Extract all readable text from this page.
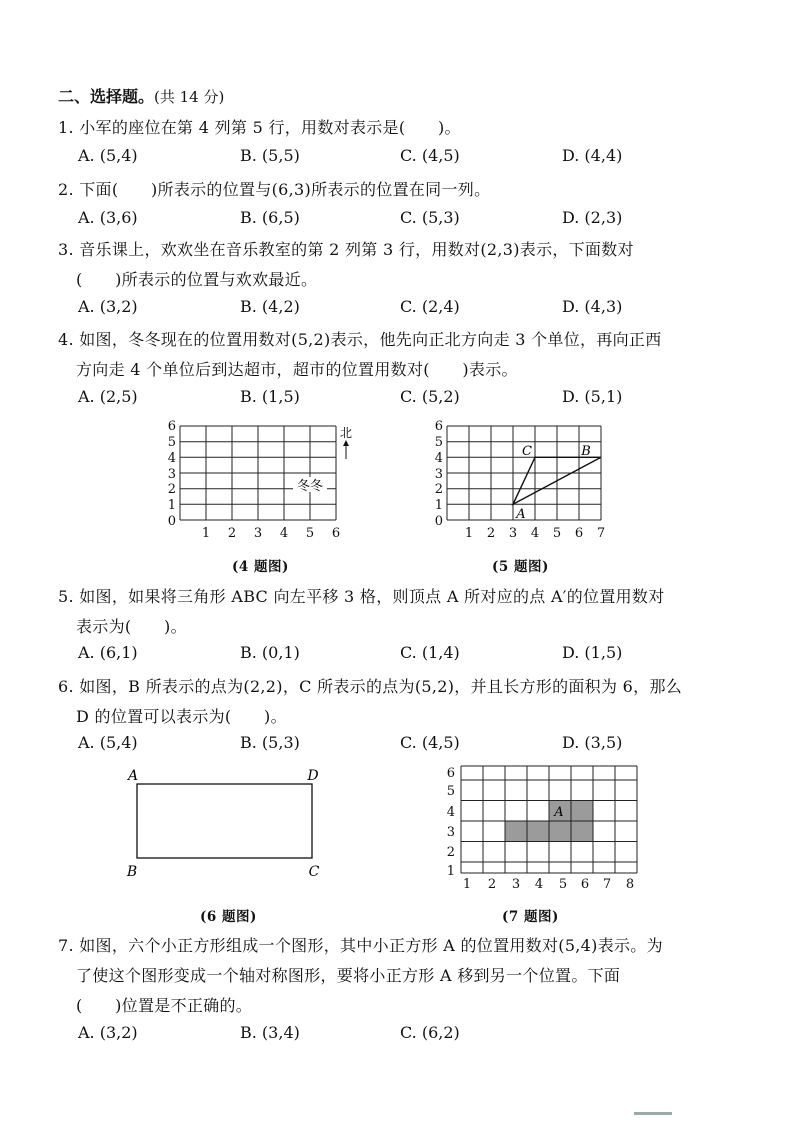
二、选择题。(共 14 分)
1. 小军的座位在第 4 列第 5 行，用数对表示是(　　)。
A. (5,4)	B. (5,5)	C. (4,5)	D. (4,4)
2. 下面(　　)所表示的位置与(6,3)所表示的位置在同一列。
A. (3,6)	B. (6,5)	C. (5,3)	D. (2,3)
3. 音乐课上，欢欢坐在音乐教室的第 2 列第 3 行，用数对(2,3)表示，下面数对
(　　)所表示的位置与欢欢最近。
A. (3,2)	B. (4,2)	C. (2,4)	D. (4,3)
4. 如图，冬冬现在的位置用数对(5,2)表示，他先向正北方向走 3 个单位，再向正西
方向走 4 个单位后到达超市，超市的位置用数对(　　)表示。
A. (2,5)	B. (1,5)	C. (5,2)	D. (5,1)
1 2 3 4 5 6
0
1
2
3
4
5
6	北
冬冬
(4 题图)
1 2 3 4 5 6 7
0
1
2
3
4
5
6
A
C	B
(5 题图)
5. 如图，如果将三角形 ABC 向左平移 3 格，则顶点 A 所对应的点 A′的位置用数对
表示为(　　)。
A. (6,1)	B. (0,1)	C. (1,4)	D. (1,5)
6. 如图，B 所表示的点为(2,2)，C 所表示的点为(5,2)，并且长方形的面积为 6，那么
D 的位置可以表示为(　　)。
A. (5,4)	B. (5,3)	C. (4,5)	D. (3,5)
A	D
B	C
(6 题图)
A
1 2 3 4 5 6 7 8
1
2
3
4
5
6
(7 题图)
7. 如图，六个小正方形组成一个图形，其中小正方形 A 的位置用数对(5,4)表示。为
了使这个图形变成一个轴对称图形，要将小正方形 A 移到另一个位置。下面
(　　)位置是不正确的。
A. (3,2)	B. (3,4)	C. (6,2)
